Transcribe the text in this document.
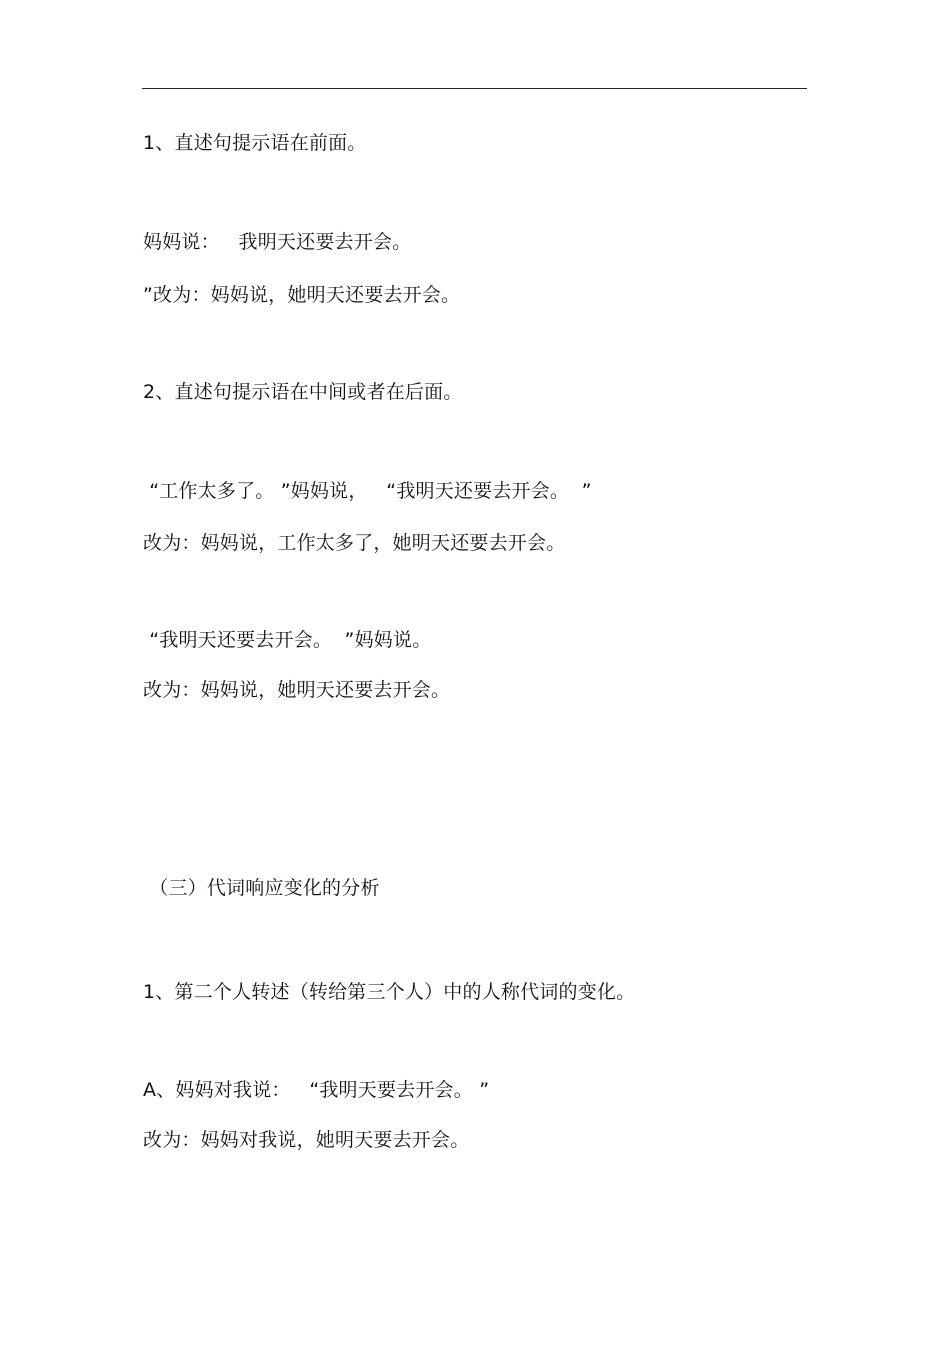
1、直述句提示语在前面。
妈妈说：   我明天还要去开会。
”改为：妈妈说，她明天还要去开会。
2、直述句提示语在中间或者在后面。
“工作太多了。 ”妈妈说，   “我明天还要去开会。  ”
改为：妈妈说，工作太多了，她明天还要去开会。
“我明天还要去开会。  ”妈妈说。
改为：妈妈说，她明天还要去开会。
（三）代词响应变化的分析
1、第二个人转述（转给第三个人）中的人称代词的变化。
A、妈妈对我说：   “我明天要去开会。 ”
改为：妈妈对我说，她明天要去开会。
